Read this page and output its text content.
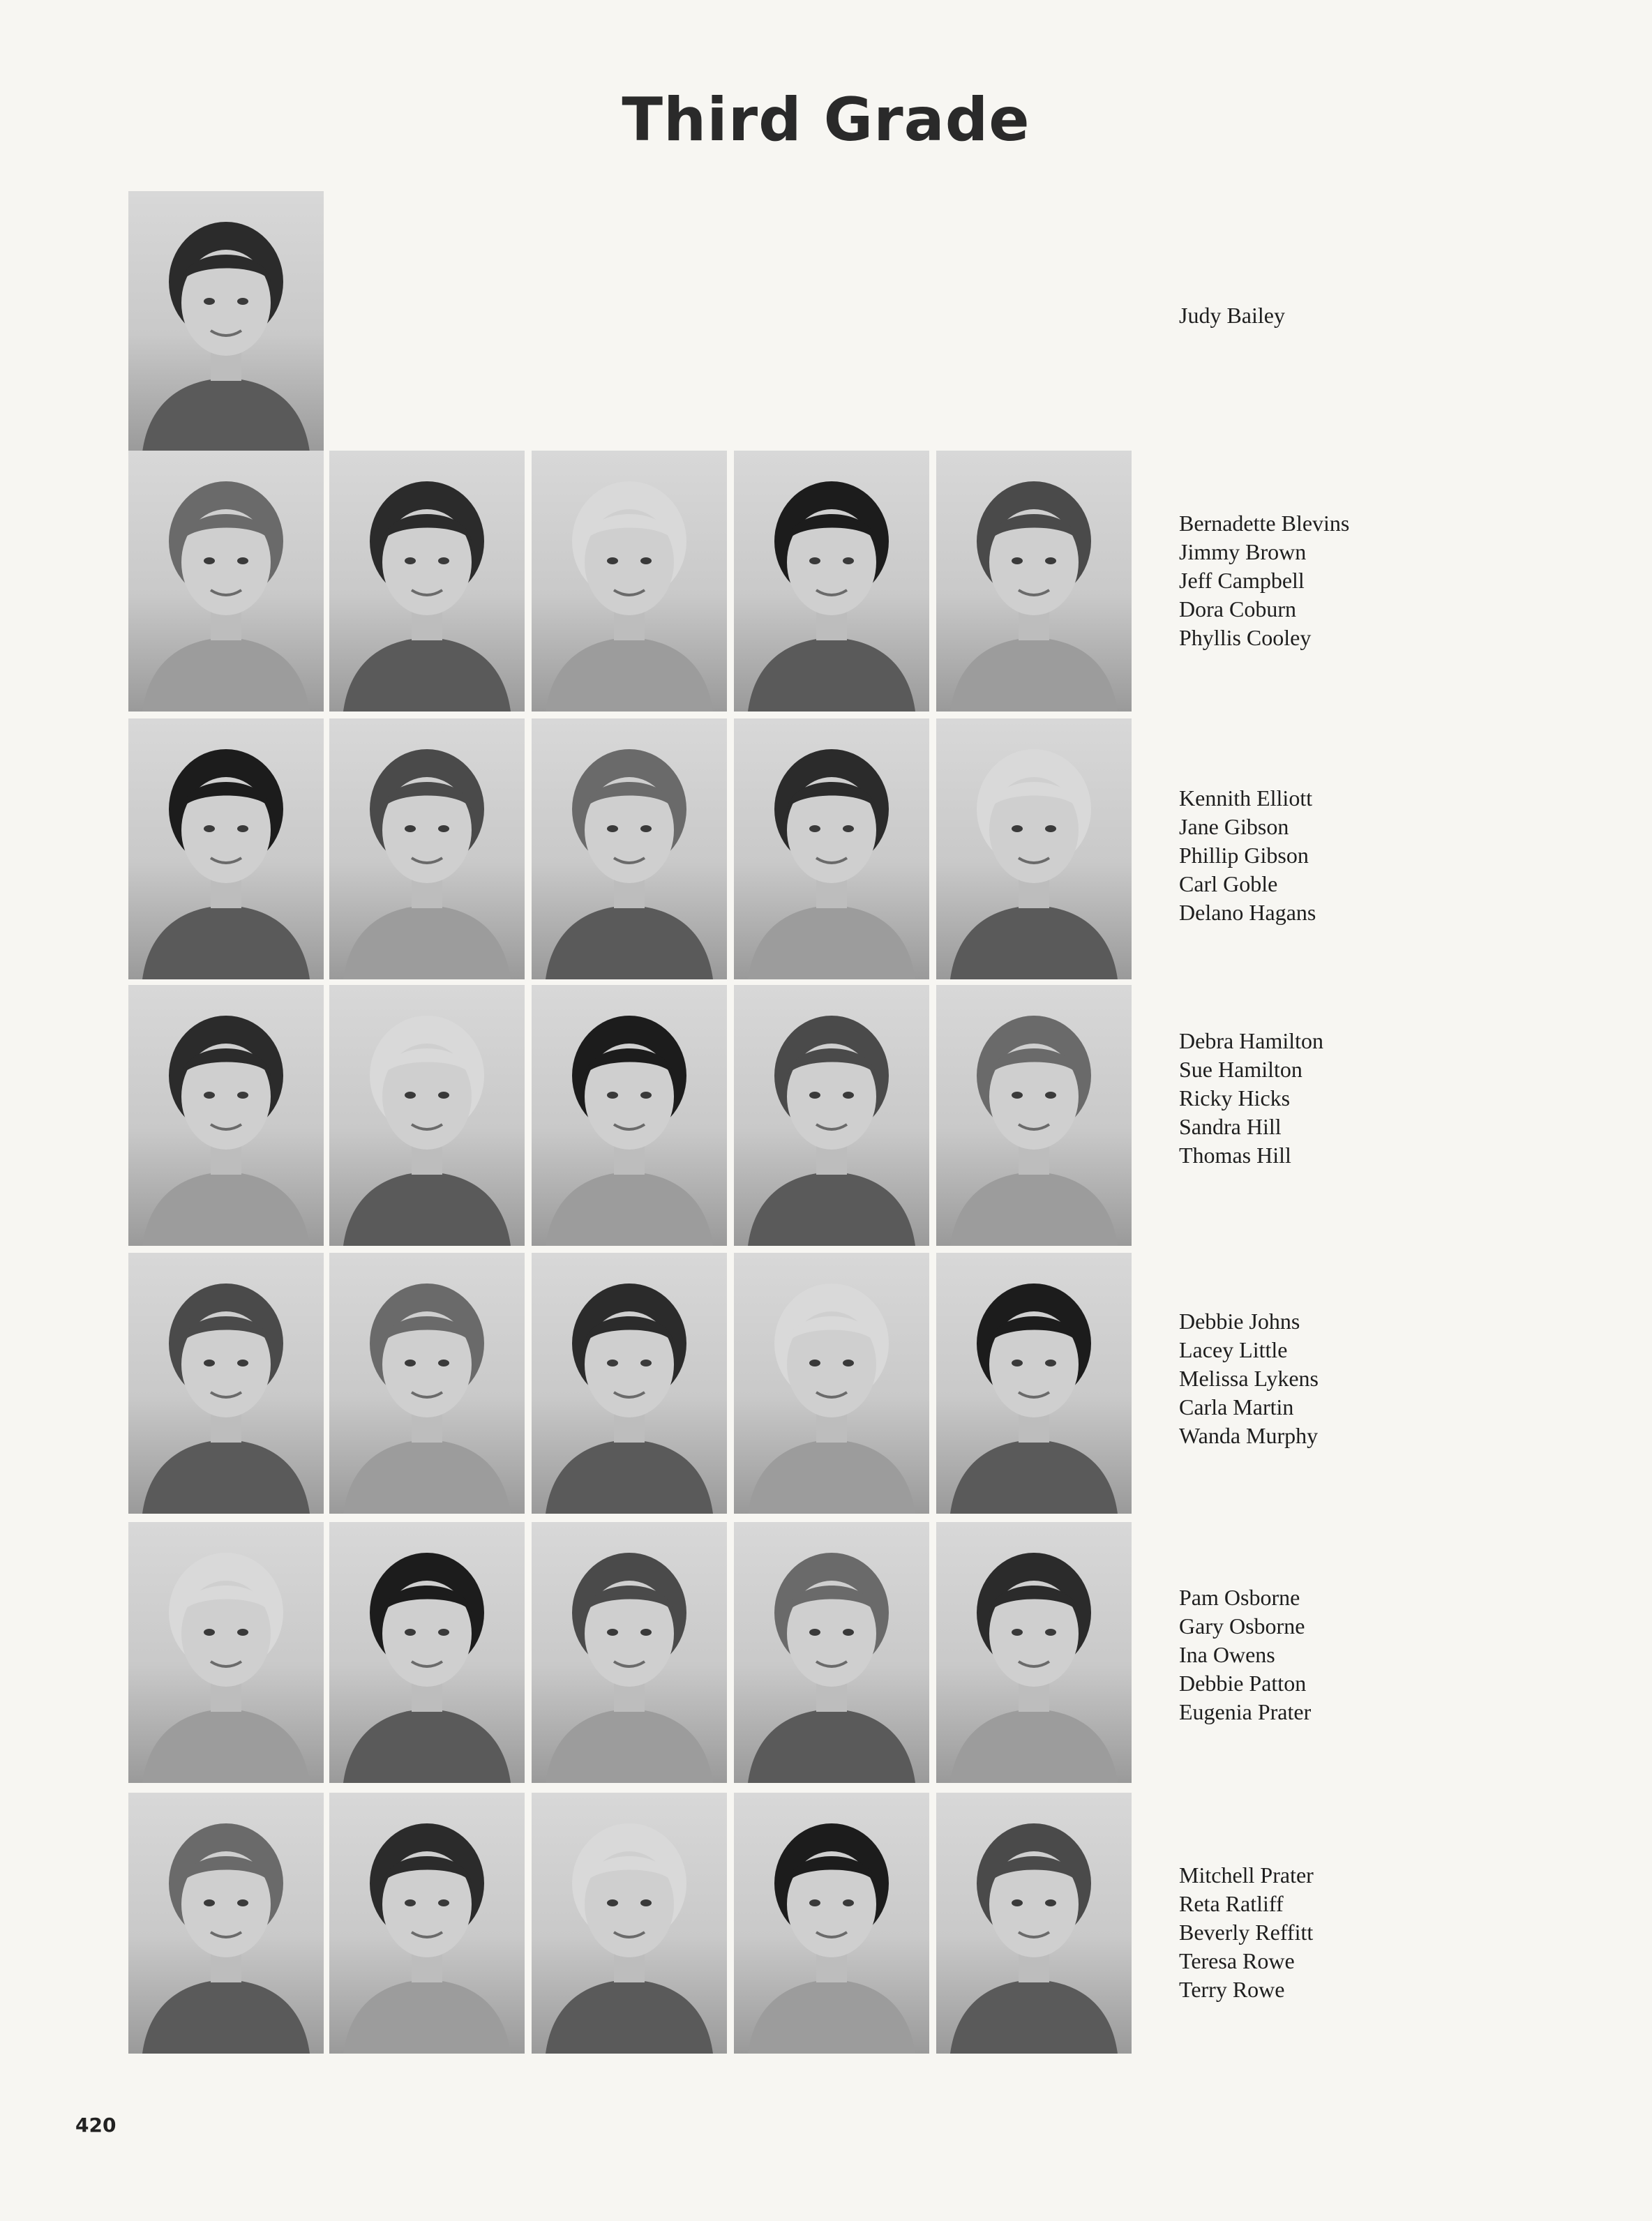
Third Grade
Judy Bailey
Bernadette Blevins
Jimmy Brown
Jeff Campbell
Dora Coburn
Phyllis Cooley
Kennith Elliott
Jane Gibson
Phillip Gibson
Carl Goble
Delano Hagans
Debra Hamilton
Sue Hamilton
Ricky Hicks
Sandra Hill
Thomas Hill
Debbie Johns
Lacey Little
Melissa Lykens
Carla Martin
Wanda Murphy
Pam Osborne
Gary Osborne
Ina Owens
Debbie Patton
Eugenia Prater
Mitchell Prater
Reta Ratliff
Beverly Reffitt
Teresa Rowe
Terry Rowe
420
